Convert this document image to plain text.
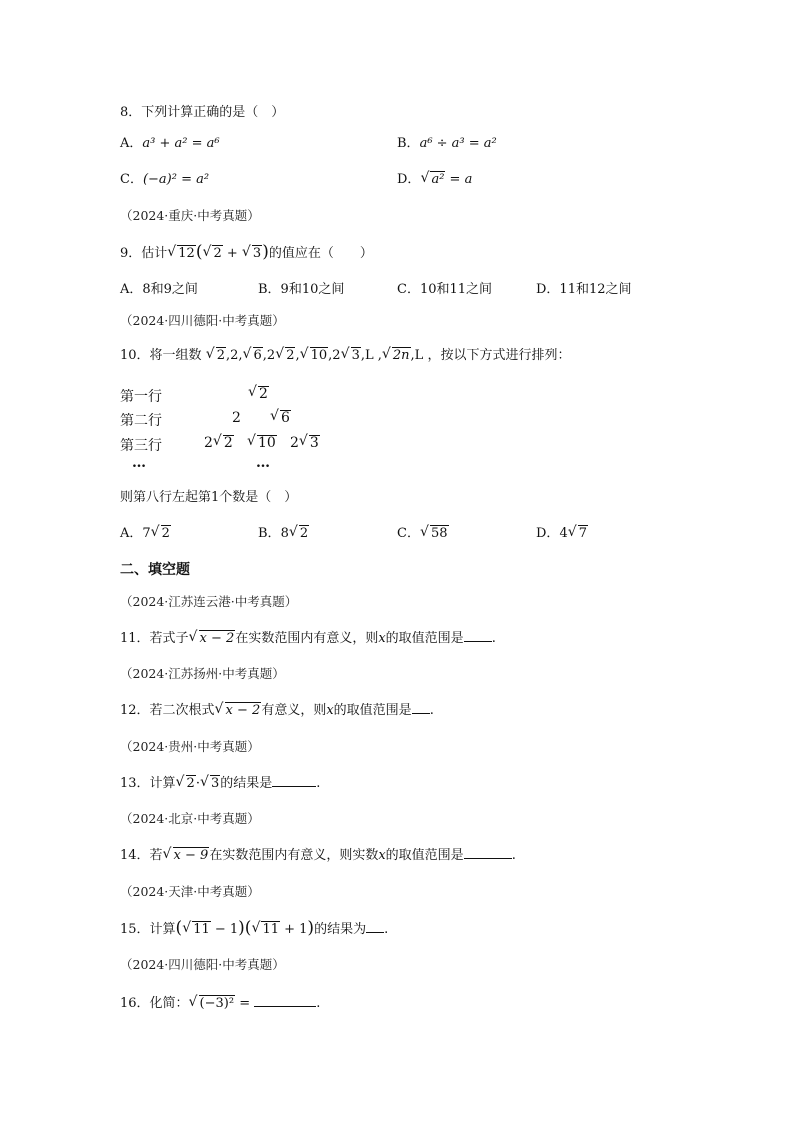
8．下列计算正确的是（　）
A．a³ + a² = a⁶	B．a⁶ ÷ a³ = a²
C．(−a)² = a²	D． √ a² = a
（2024·重庆·中考真题）
9．估计 √ 12( √ 2 + √ 3)的值应在（　　）
A．8和9之间	B．9和10之间	C．10和11之间	D．11和12之间
（2024·四川德阳·中考真题）
10．将一组数 √ 2,2, √ 6,2 √ 2, √ 10,2 √ 3,L , √ 2n,L ，按以下方式进行排列：
第一行	√ 2
第二行	2	√ 6
第三行	2 √ 2	√ 10 2 √ 3
…	…
则第八行左起第1个数是（　）
A．7 √ 2	B．8 √ 2	C． √ 58	D．4 √ 7
二、填空题
（2024·江苏连云港·中考真题）
11．若式子 √ x − 2在实数范围内有意义，则x的取值范围是 .
（2024·江苏扬州·中考真题）
12．若二次根式 √ x − 2有意义，则x的取值范围是 .
（2024·贵州·中考真题）
13．计算 √ 2· √ 3的结果是	.
（2024·北京·中考真题）
14．若 √ x − 9在实数范围内有意义，则实数x的取值范围是	.
（2024·天津·中考真题）
15．计算( √ 11 − 1)( √ 11 + 1)的结果为 .
（2024·四川德阳·中考真题）
16．化简： √ (−3)² =	.
